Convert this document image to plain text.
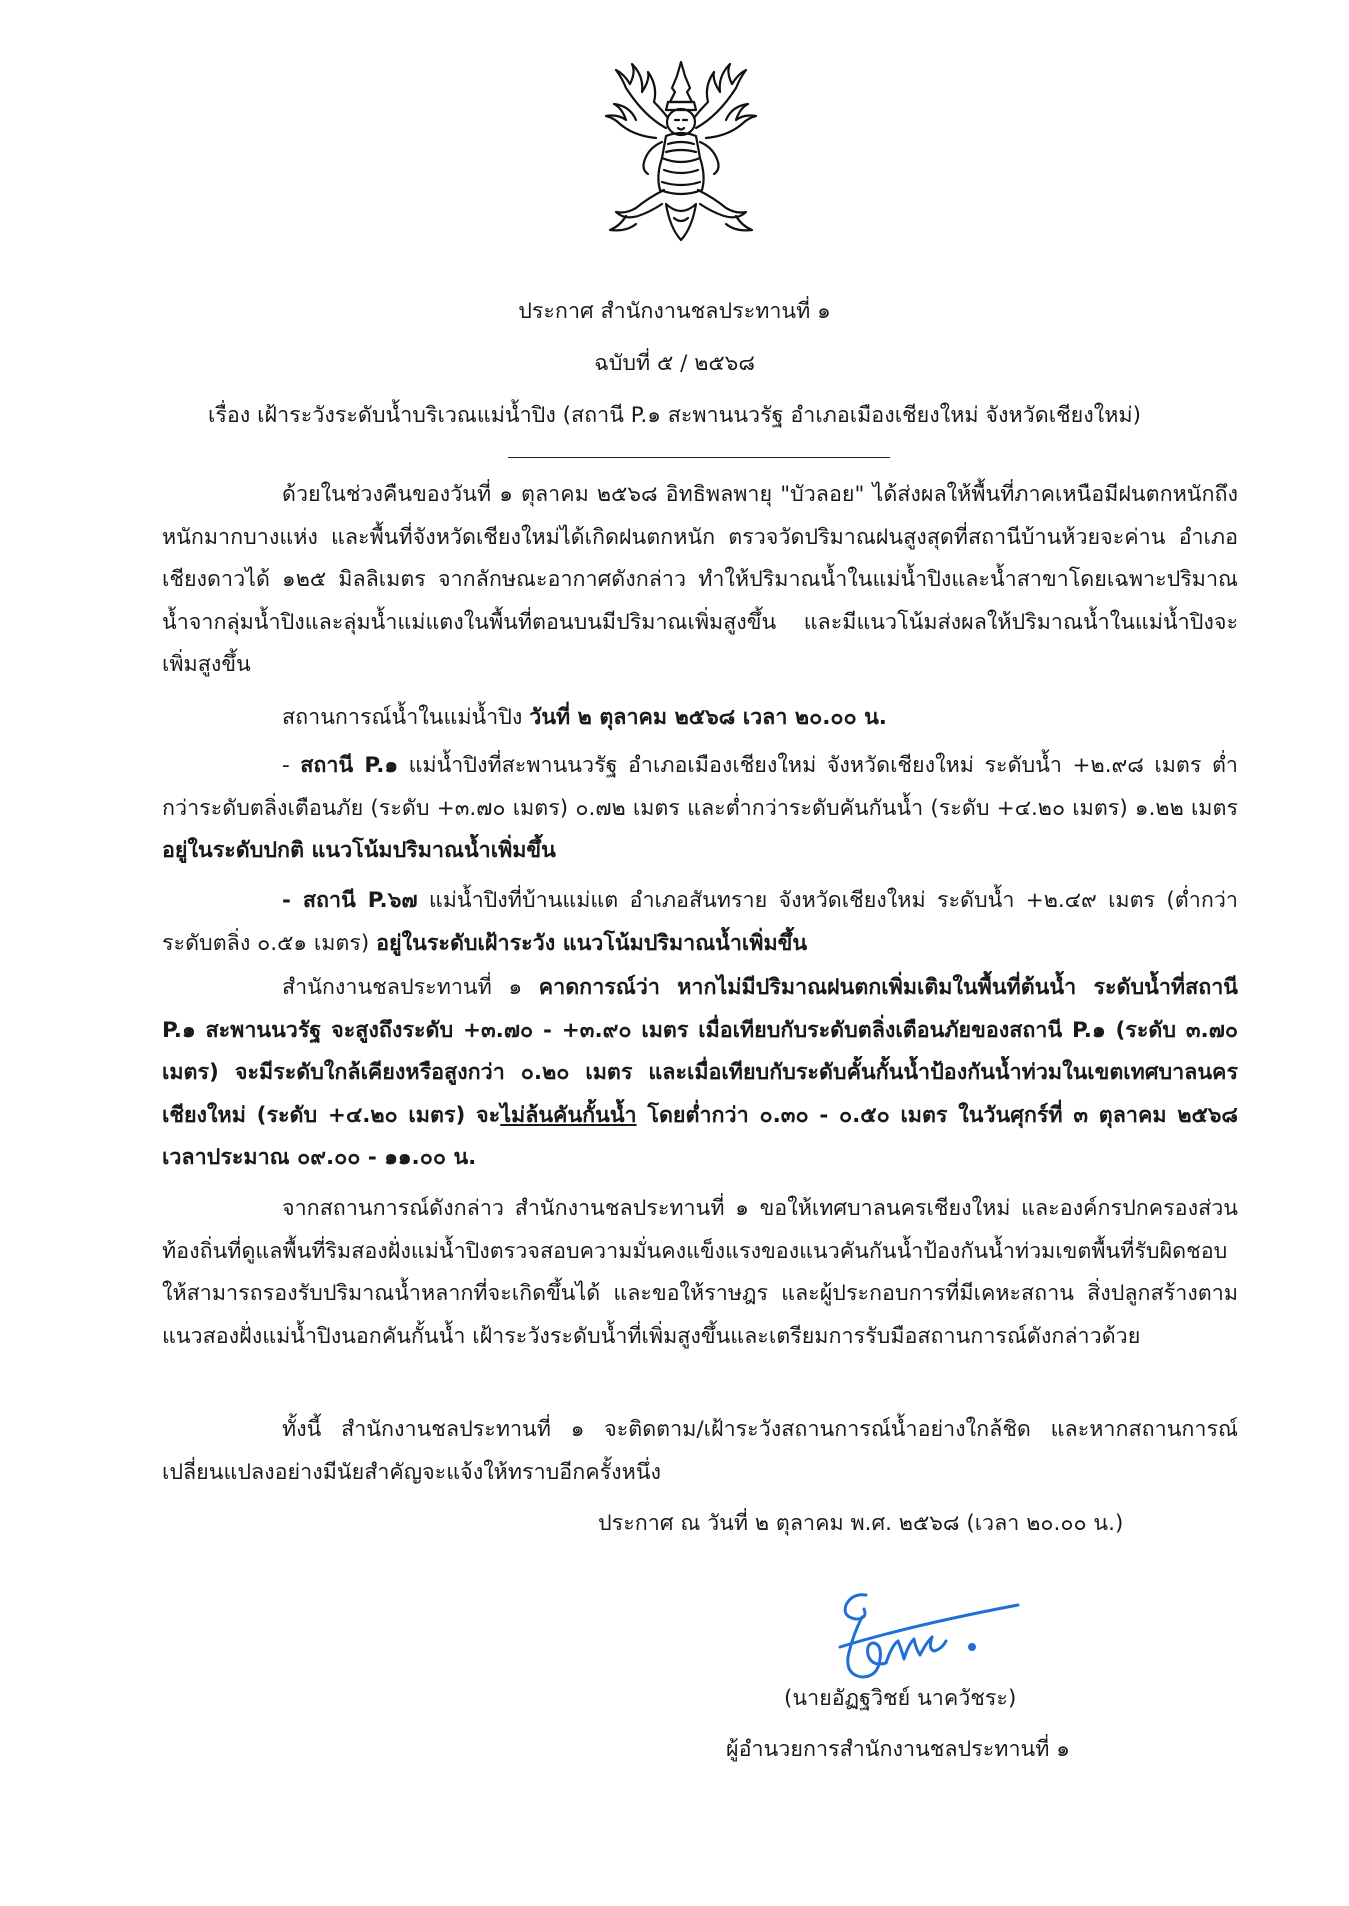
ประกาศ สำนักงานชลประทานที่ ๑
ฉบับที่ ๕ / ๒๕๖๘
เรื่อง เฝ้าระวังระดับน้ำบริเวณแม่น้ำปิง (สถานี P.๑ สะพานนวรัฐ อำเภอเมืองเชียงใหม่ จังหวัดเชียงใหม่)

ด้วยในช่วงคืนของวันที่ ๑ ตุลาคม ๒๕๖๘ อิทธิพลพายุ "บัวลอย" ได้ส่งผลให้พื้นที่ภาคเหนือมีฝนตกหนักถึงหนักมากบางแห่ง และพื้นที่จังหวัดเชียงใหม่ได้เกิดฝนตกหนัก ตรวจวัดปริมาณฝนสูงสุดที่สถานีบ้านห้วยจะค่าน อำเภอเชียงดาวได้ ๑๒๕ มิลลิเมตร จากลักษณะอากาศดังกล่าว ทำให้ปริมาณน้ำในแม่น้ำปิงและน้ำสาขาโดยเฉพาะปริมาณน้ำจากลุ่มน้ำปิงและลุ่มน้ำแม่แตงในพื้นที่ตอนบนมีปริมาณเพิ่มสูงขึ้น และมีแนวโน้มส่งผลให้ปริมาณน้ำในแม่น้ำปิงจะเพิ่มสูงขึ้น

สถานการณ์น้ำในแม่น้ำปิง วันที่ ๒ ตุลาคม ๒๕๖๘ เวลา ๒๐.๐๐ น.

- สถานี P.๑ แม่น้ำปิงที่สะพานนวรัฐ อำเภอเมืองเชียงใหม่ จังหวัดเชียงใหม่ ระดับน้ำ +๒.๙๘ เมตร ต่ำกว่าระดับตลิ่งเตือนภัย (ระดับ +๓.๗๐ เมตร) ๐.๗๒ เมตร และต่ำกว่าระดับคันกันน้ำ (ระดับ +๔.๒๐ เมตร) ๑.๒๒ เมตร อยู่ในระดับปกติ แนวโน้มปริมาณน้ำเพิ่มขึ้น

- สถานี P.๖๗ แม่น้ำปิงที่บ้านแม่แต อำเภอสันทราย จังหวัดเชียงใหม่ ระดับน้ำ +๒.๔๙ เมตร (ต่ำกว่าระดับตลิ่ง ๐.๕๑ เมตร) อยู่ในระดับเฝ้าระวัง แนวโน้มปริมาณน้ำเพิ่มขึ้น

สำนักงานชลประทานที่ ๑ คาดการณ์ว่า หากไม่มีปริมาณฝนตกเพิ่มเติมในพื้นที่ต้นน้ำ ระดับน้ำที่สถานี P.๑ สะพานนวรัฐ จะสูงถึงระดับ +๓.๗๐ - +๓.๙๐ เมตร เมื่อเทียบกับระดับตลิ่งเตือนภัยของสถานี P.๑ (ระดับ ๓.๗๐ เมตร) จะมีระดับใกล้เคียงหรือสูงกว่า ๐.๒๐ เมตร และเมื่อเทียบกับระดับคั้นกั้นน้ำป้องกันน้ำท่วมในเขตเทศบาลนครเชียงใหม่ (ระดับ +๔.๒๐ เมตร) จะไม่ล้นคันกั้นน้ำ โดยต่ำกว่า ๐.๓๐ - ๐.๕๐ เมตร ในวันศุกร์ที่ ๓ ตุลาคม ๒๕๖๘ เวลาประมาณ ๐๙.๐๐ - ๑๑.๐๐ น.

จากสถานการณ์ดังกล่าว สำนักงานชลประทานที่ ๑ ขอให้เทศบาลนครเชียงใหม่ และองค์กรปกครองส่วนท้องถิ่นที่ดูแลพื้นที่ริมสองฝั่งแม่น้ำปิงตรวจสอบความมั่นคงแข็งแรงของแนวคันกันน้ำป้องกันน้ำท่วมเขตพื้นที่รับผิดชอบ ให้สามารถรองรับปริมาณน้ำหลากที่จะเกิดขึ้นได้ และขอให้ราษฎร และผู้ประกอบการที่มีเคหะสถาน สิ่งปลูกสร้างตามแนวสองฝั่งแม่น้ำปิงนอกคันกั้นน้ำ เฝ้าระวังระดับน้ำที่เพิ่มสูงขึ้นและเตรียมการรับมือสถานการณ์ดังกล่าวด้วย

ทั้งนี้ สำนักงานชลประทานที่ ๑ จะติดตาม/เฝ้าระวังสถานการณ์น้ำอย่างใกล้ชิด และหากสถานการณ์เปลี่ยนแปลงอย่างมีนัยสำคัญจะแจ้งให้ทราบอีกครั้งหนึ่ง

ประกาศ ณ วันที่ ๒ ตุลาคม พ.ศ. ๒๕๖๘ (เวลา ๒๐.๐๐ น.)
(นายอัฏฐวิชย์ นาควัชระ)
ผู้อำนวยการสำนักงานชลประทานที่ ๑
